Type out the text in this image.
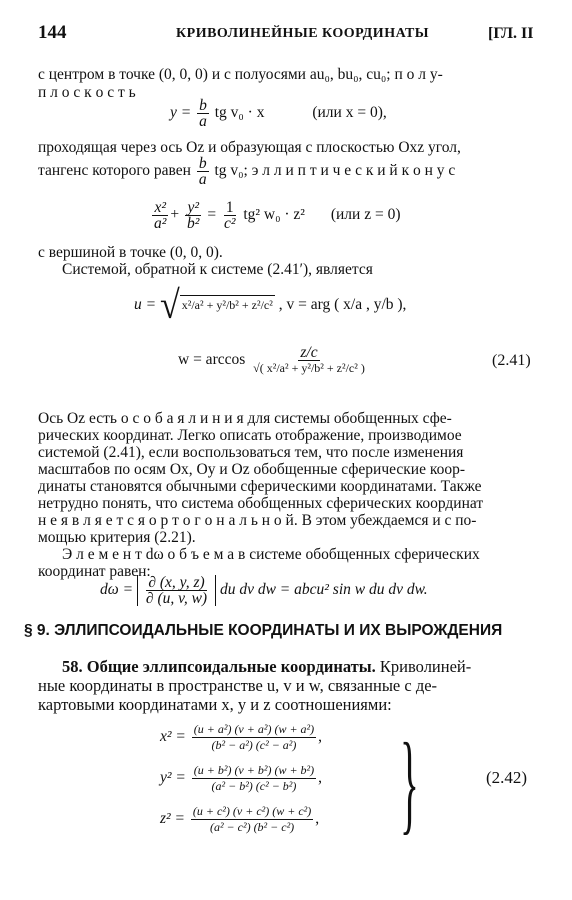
144	КРИВОЛИНЕЙНЫЕ КООРДИНАТЫ	[ГЛ. II
с центром в точке (0, 0, 0) и с полуосями au₀, bu₀, cu₀; п о л у-
п л о с к о с т ь
$y = \frac{b}{a}$ tg v₀ · x	(или x = 0),
проходящая через ось Oz и образующая с плоскостью Oxz угол,
тангенс которого равен $\frac{b}{a}$ tg v₀; э л л и п т и ч е с к и й к о н у с
$\frac{\text{x²}}{\text{a²}} + \frac{\text{y²}}{\text{b²}} = \frac{1}{\text{c²}} tg^2$ w₀ · z² (или z = 0)
с вершиной в точке (0, 0, 0).
Системой, обратной к системе (2.41′), является
u = √ x²/a² + y²/b² + z²/c² , v = arg ( x/a , y/b ),
$w = \arccos \frac{z/c}{\text{√( x²/a² + y²/b² + z²/c² )}}$	(2.41)
Ось Oz есть о с о б а я л и н и я для системы обобщенных сфе-
рических координат. Легко описать отображение, производимое
системой (2.41), если воспользоваться тем, что после изменения
масштабов по осям Ox, Oy и Oz обобщенные сферические коор-
динаты становятся обычными сферическими координатами. Также
нетрудно понять, что система обобщенных сферических координат
н е я в л я е т с я о р т о г о н а л ь н о й. В этом убеждаемся и с по-
мощью критерия (2.21).
Э л е м е н т dω о б ъ е м а в системе обобщенных сферических
координат равен:
$d\omega = \frac{\partial (x, y, z)}{\partial (u, v, w)}$ du dv dw = abcu² sin w du dv dw.
§ 9. ЭЛЛИПСОИДАЛЬНЫЕ КООРДИНАТЫ И ИХ ВЫРОЖДЕНИЯ
58. Общие эллипсоидальные координаты. Криволиней-
ные координаты в пространстве u, v и w, связанные с де-
картовыми координатами x, y и z соотношениями:
$x^2 = \frac{\text{(u + a²) (v + a²) (w + a²)}}{\text{(b² − a²) (c² − a²)}}$ ,
$y^2 = \frac{\text{(u + b²) (v + b²) (w + b²)}}{\text{(a² − b²) (c² − b²)}}$ ,
$z^2 = \frac{\text{(u + c²) (v + c²) (w + c²)}}{\text{(a² − c²) (b² − c²)}}$ , }	(2.42)
